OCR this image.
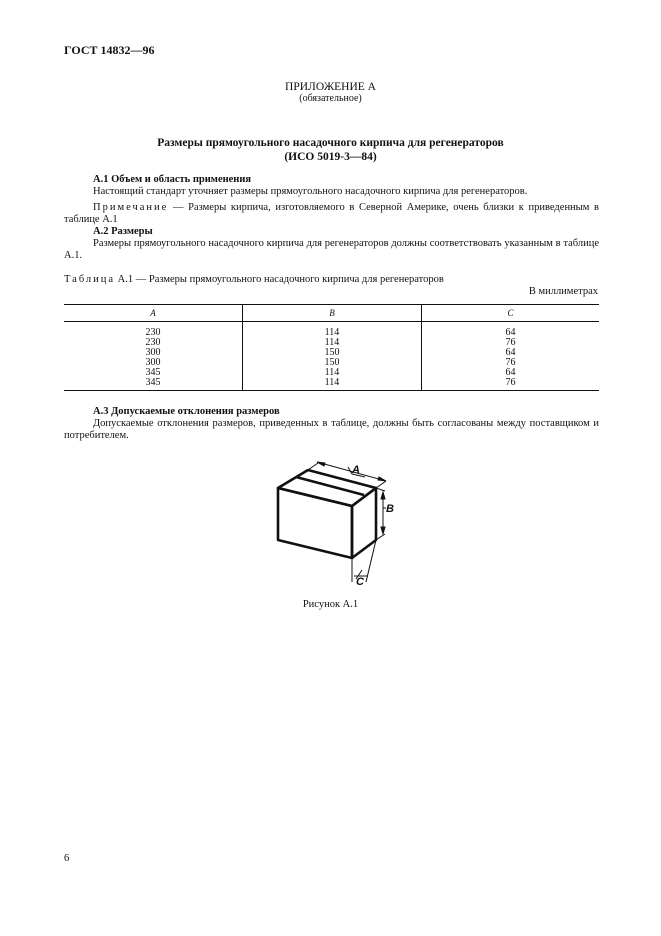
ГОСТ 14832—96
ПРИЛОЖЕНИЕ А
(обязательное)
Размеры прямоугольного насадочного кирпича для регенераторов
(ИСО 5019-3—84)
А.1 Объем и область применения

Настоящий стандарт уточняет размеры прямоугольного насадочного кирпича для регенераторов.

Примечание — Размеры кирпича, изготовляемого в Северной Америке, очень близки к приведенным в таблице А.1

А.2 Размеры

Размеры прямоугольного насадочного кирпича для регенераторов должны соответствовать указанным в таблице А.1.

Таблица А.1 — Размеры прямоугольного насадочного кирпича для регенераторов
В миллиметрах
A	B	C
230	114	64
230	114	76
300	150	64
300	150	76
345	114	64
345	114	76
А.3 Допускаемые отклонения размеров

Допускаемые отклонения размеров, приведенных в таблице, должны быть согласованы между поставщиком и потребителем.

A
B
C
Рисунок А.1
6
